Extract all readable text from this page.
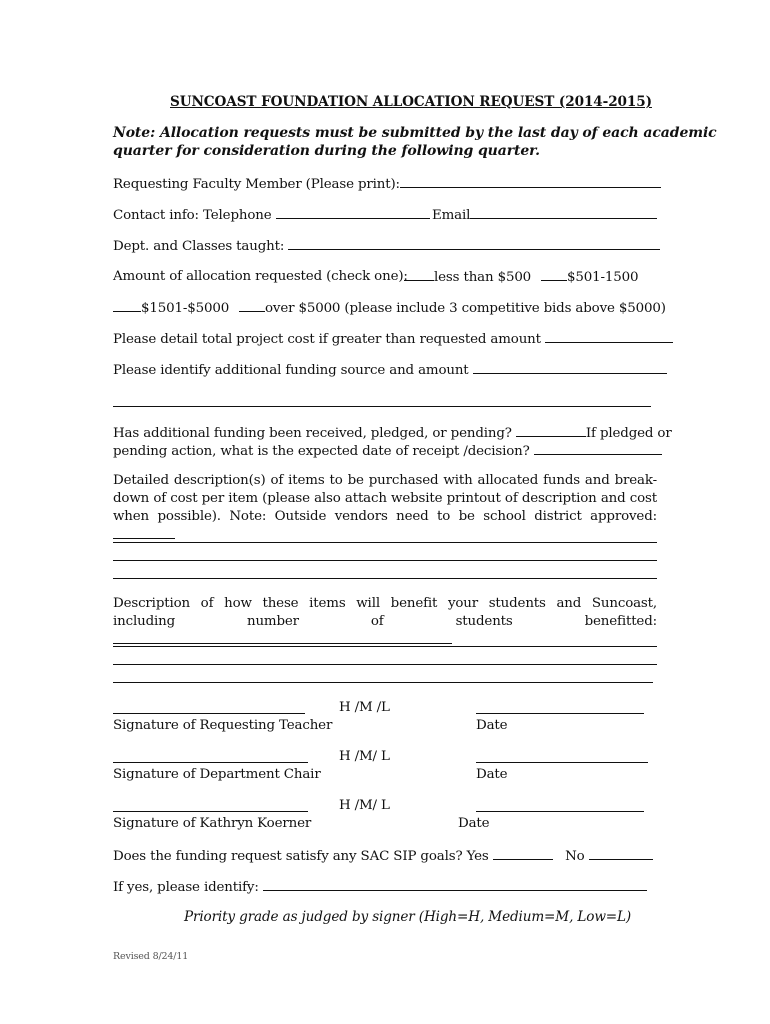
SUNCOAST FOUNDATION ALLOCATION REQUEST (2014-2015)
Note: Allocation requests must be submitted by the last day of each academic
quarter for consideration during the following quarter.
Requesting Faculty Member (Please print):
Contact info: Telephone	Email
Dept. and Classes taught:
Amount of allocation requested (check one):	less than $500	$501-1500
$1501-$5000	over $5000 (please include 3 competitive bids above $5000)
Please detail total project cost if greater than requested amount
Please identify additional funding source and amount
Has additional funding been received, pledged, or pending?	If pledged or
pending action, what is the expected date of receipt /decision?
Detailed description(s) of items to be purchased with allocated funds and break-down of cost per item (please also attach website printout of description and cost when possible). Note: Outside vendors need to be school district approved:
Description of how these items will benefit your students and Suncoast, including number of students benefitted:
H /M /L
Signature of Requesting Teacher	Date
H /M/ L
Signature of Department Chair	Date
H /M/ L
Signature of Kathryn Koerner	Date
Does the funding request satisfy any SAC SIP goals? Yes	No
If yes, please identify:
Priority grade as judged by signer (High=H, Medium=M, Low=L)
Revised 8/24/11
